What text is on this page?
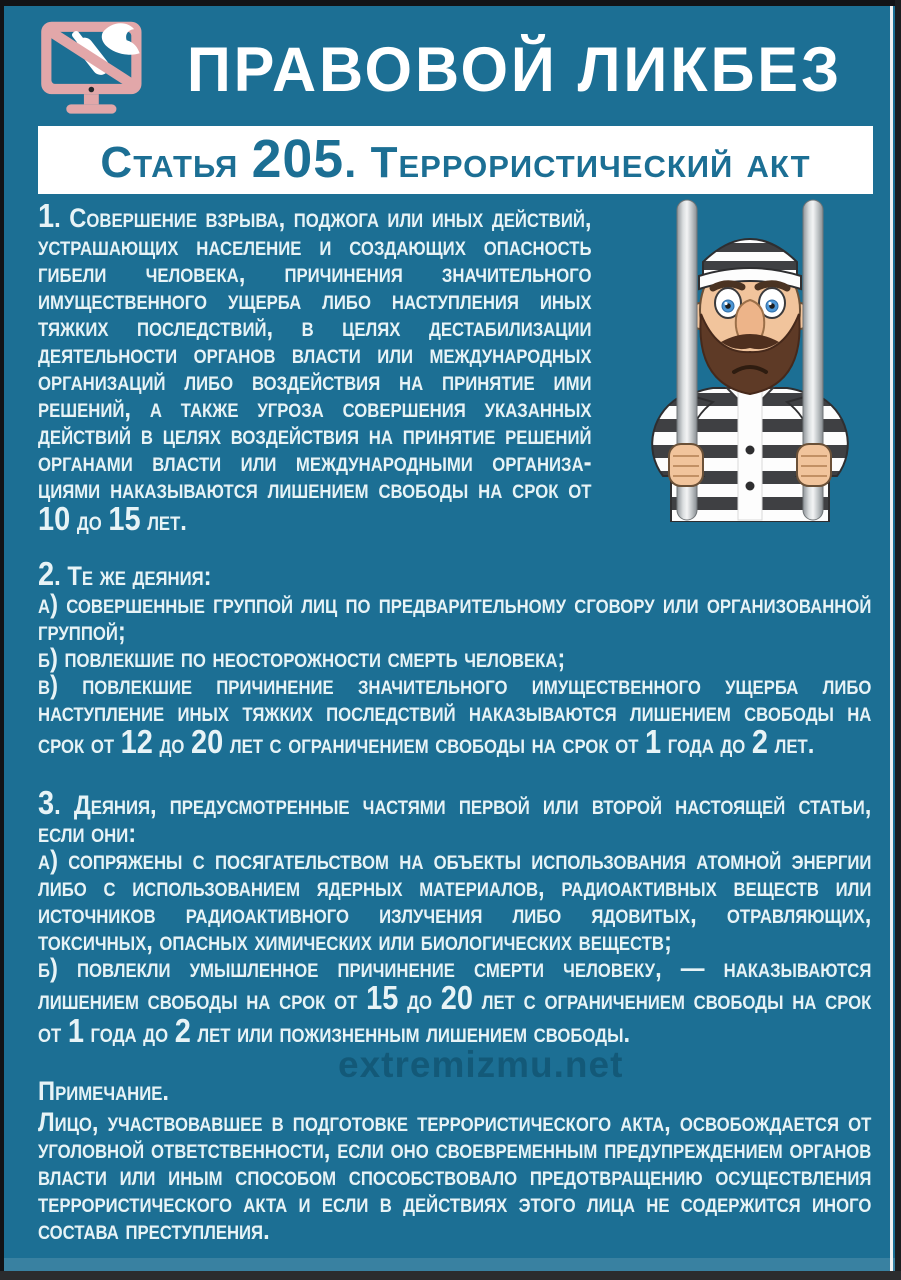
ПРАВОВОЙ ЛИКБЕЗ
Статья 205. Террористический акт

1. Совершение взрыва, поджога или иных действий, устрашающих население и создающих опасность гибели человека, причинения значительного имущественного ущерба либо наступления иных тяжких последствий, в целях дестабилизации деятельности органов власти или международных организаций либо воздействия на принятие ими решений, а также угроза совершения указанных действий в целях воздействия на принятие решений органами власти или международными организа-циями наказываются лишением свободы на срок от 10 до 15 лет.

2. Те же деяния:

а) совершенные группой лиц по предварительному сговору или организованной группой;

б) повлекшие по неосторожности смерть человека;

в) повлекшие причинение значительного имущественного ущерба либо наступление иных тяжких последствий наказываются лишением свободы на срок от 12 до 20 лет с ограничением свободы на срок от 1 года до 2 лет.

3. Деяния, предусмотренные частями первой или второй настоящей статьи, если они:

а) сопряжены с посягательством на объекты использования атомной энергии либо с использованием ядерных материалов, радиоактивных веществ или источников радиоактивного излучения либо ядовитых, отравляющих, токсичных, опасных химических или биологических веществ;

б) повлекли умышленное причинение смерти человеку, — наказываются лишением свободы на срок от 15 до 20 лет с ограничением свободы на срок от 1 года до 2 лет или пожизненным лишением свободы.

Примечание.

Лицо, участвовавшее в подготовке террористического акта, освобождается от уголовной ответственности, если оно своевременным предупреждением органов власти или иным способом способствовало предотвращению осуществления террористического акта и если в действиях этого лица не содержится иного состава преступления.

extremizmu.net
